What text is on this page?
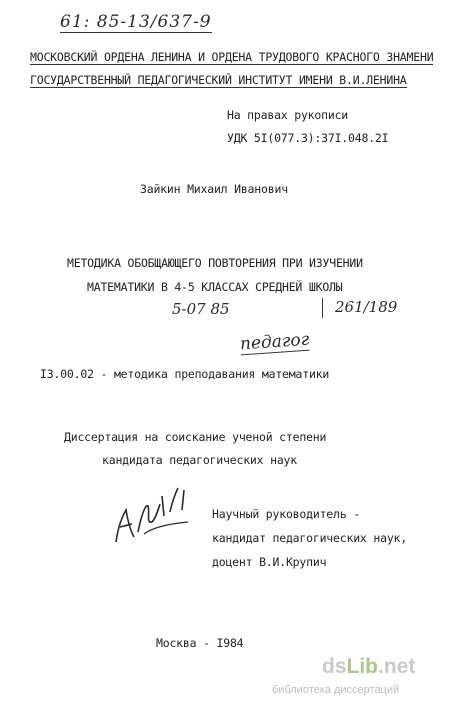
61: 85-13/637-9
МОСКОВСКИЙ ОРДЕНА ЛЕНИНА И ОРДЕНА ТРУДОВОГО КРАСНОГО ЗНАМЕНИ
ГОСУДАРСТВЕННЫЙ ПЕДАГОГИЧЕСКИЙ ИНСТИТУТ ИМЕНИ В.И.ЛЕНИНА
На правах рукописи
УДК 5I(077.3):37I.048.2I
Зайкин Михаил Иванович
МЕТОДИКА ОБОБЩАЮЩЕГО ПОВТОРЕНИЯ ПРИ ИЗУЧЕНИИ
МАТЕМАТИКИ В 4-5 КЛАССАХ СРЕДНЕЙ ШКОЛЫ
5-07 85	261/189
педагог
I3.00.02 - методика преподавания математики
Диссертация на соискание ученой степени
кандидата педагогических наук
Научный руководитель -
кандидат педагогических наук,
доцент В.И.Крупич
Москва - I984
dsLib.net
библиотека диссертаций
